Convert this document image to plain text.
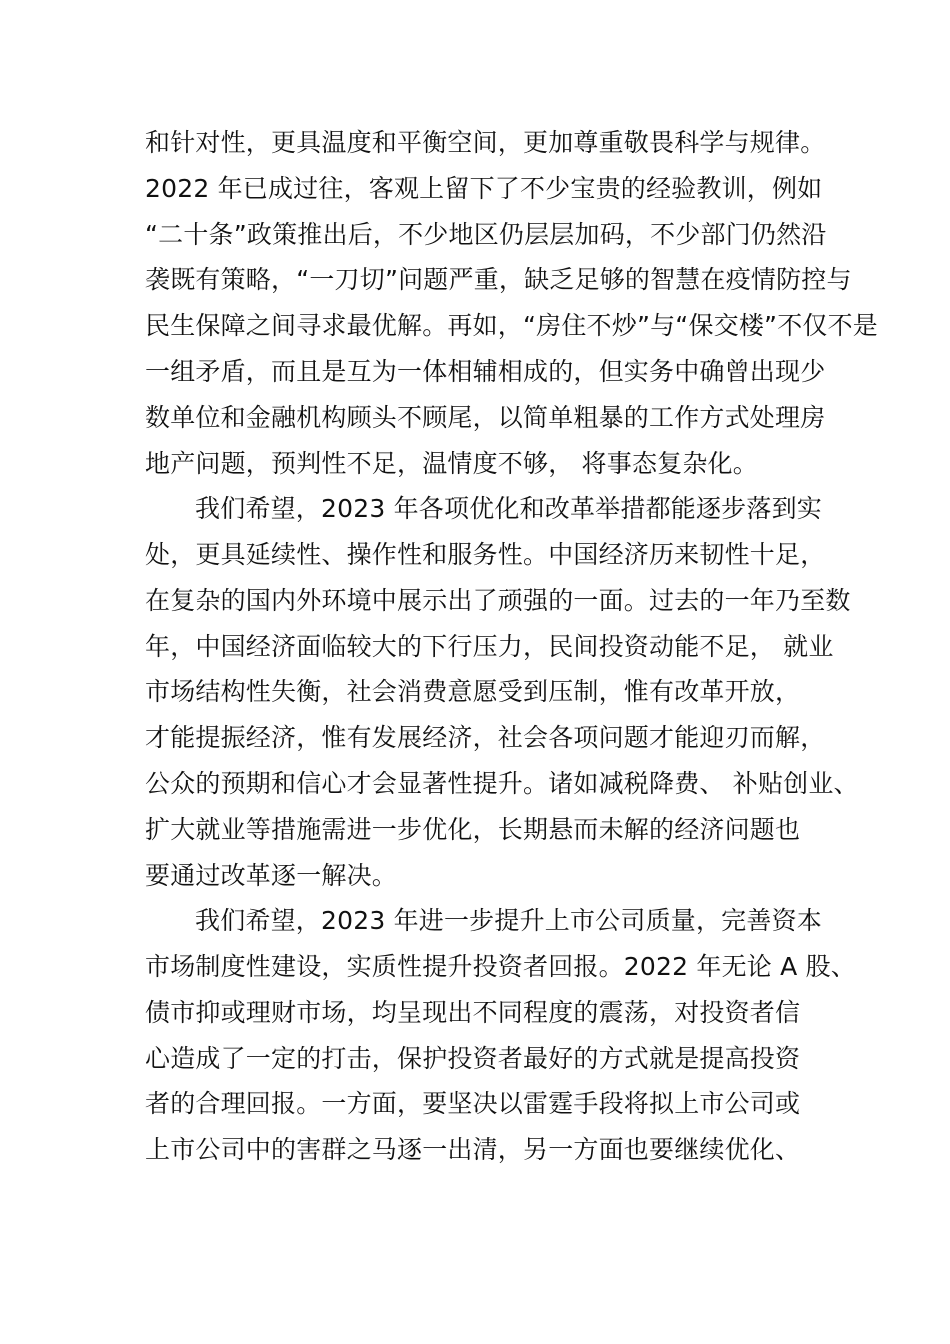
和针对性，更具温度和平衡空间，更加尊重敬畏科学与规律。
2022 年已成过往，客观上留下了不少宝贵的经验教训，例如
“二十条”政策推出后，不少地区仍层层加码，不少部门仍然沿
袭既有策略，“一刀切”问题严重，缺乏足够的智慧在疫情防控与
民生保障之间寻求最优解。再如，“房住不炒”与“保交楼”不仅不是
一组矛盾，而且是互为一体相辅相成的，但实务中确曾出现少
数单位和金融机构顾头不顾尾，以简单粗暴的工作方式处理房
地产问题，预判性不足，温情度不够， 将事态复杂化。
我们希望，2023 年各项优化和改革举措都能逐步落到实
处，更具延续性、操作性和服务性。中国经济历来韧性十足，
在复杂的国内外环境中展示出了顽强的一面。过去的一年乃至数
年，中国经济面临较大的下行压力，民间投资动能不足， 就业
市场结构性失衡，社会消费意愿受到压制，惟有改革开放，
才能提振经济，惟有发展经济，社会各项问题才能迎刃而解，
公众的预期和信心才会显著性提升。诸如减税降费、 补贴创业、
扩大就业等措施需进一步优化，长期悬而未解的经济问题也
要通过改革逐一解决。
我们希望，2023 年进一步提升上市公司质量，完善资本
市场制度性建设，实质性提升投资者回报。2022 年无论 A 股、
债市抑或理财市场，均呈现出不同程度的震荡，对投资者信
心造成了一定的打击，保护投资者最好的方式就是提高投资
者的合理回报。一方面，要坚决以雷霆手段将拟上市公司或
上市公司中的害群之马逐一出清，另一方面也要继续优化、
